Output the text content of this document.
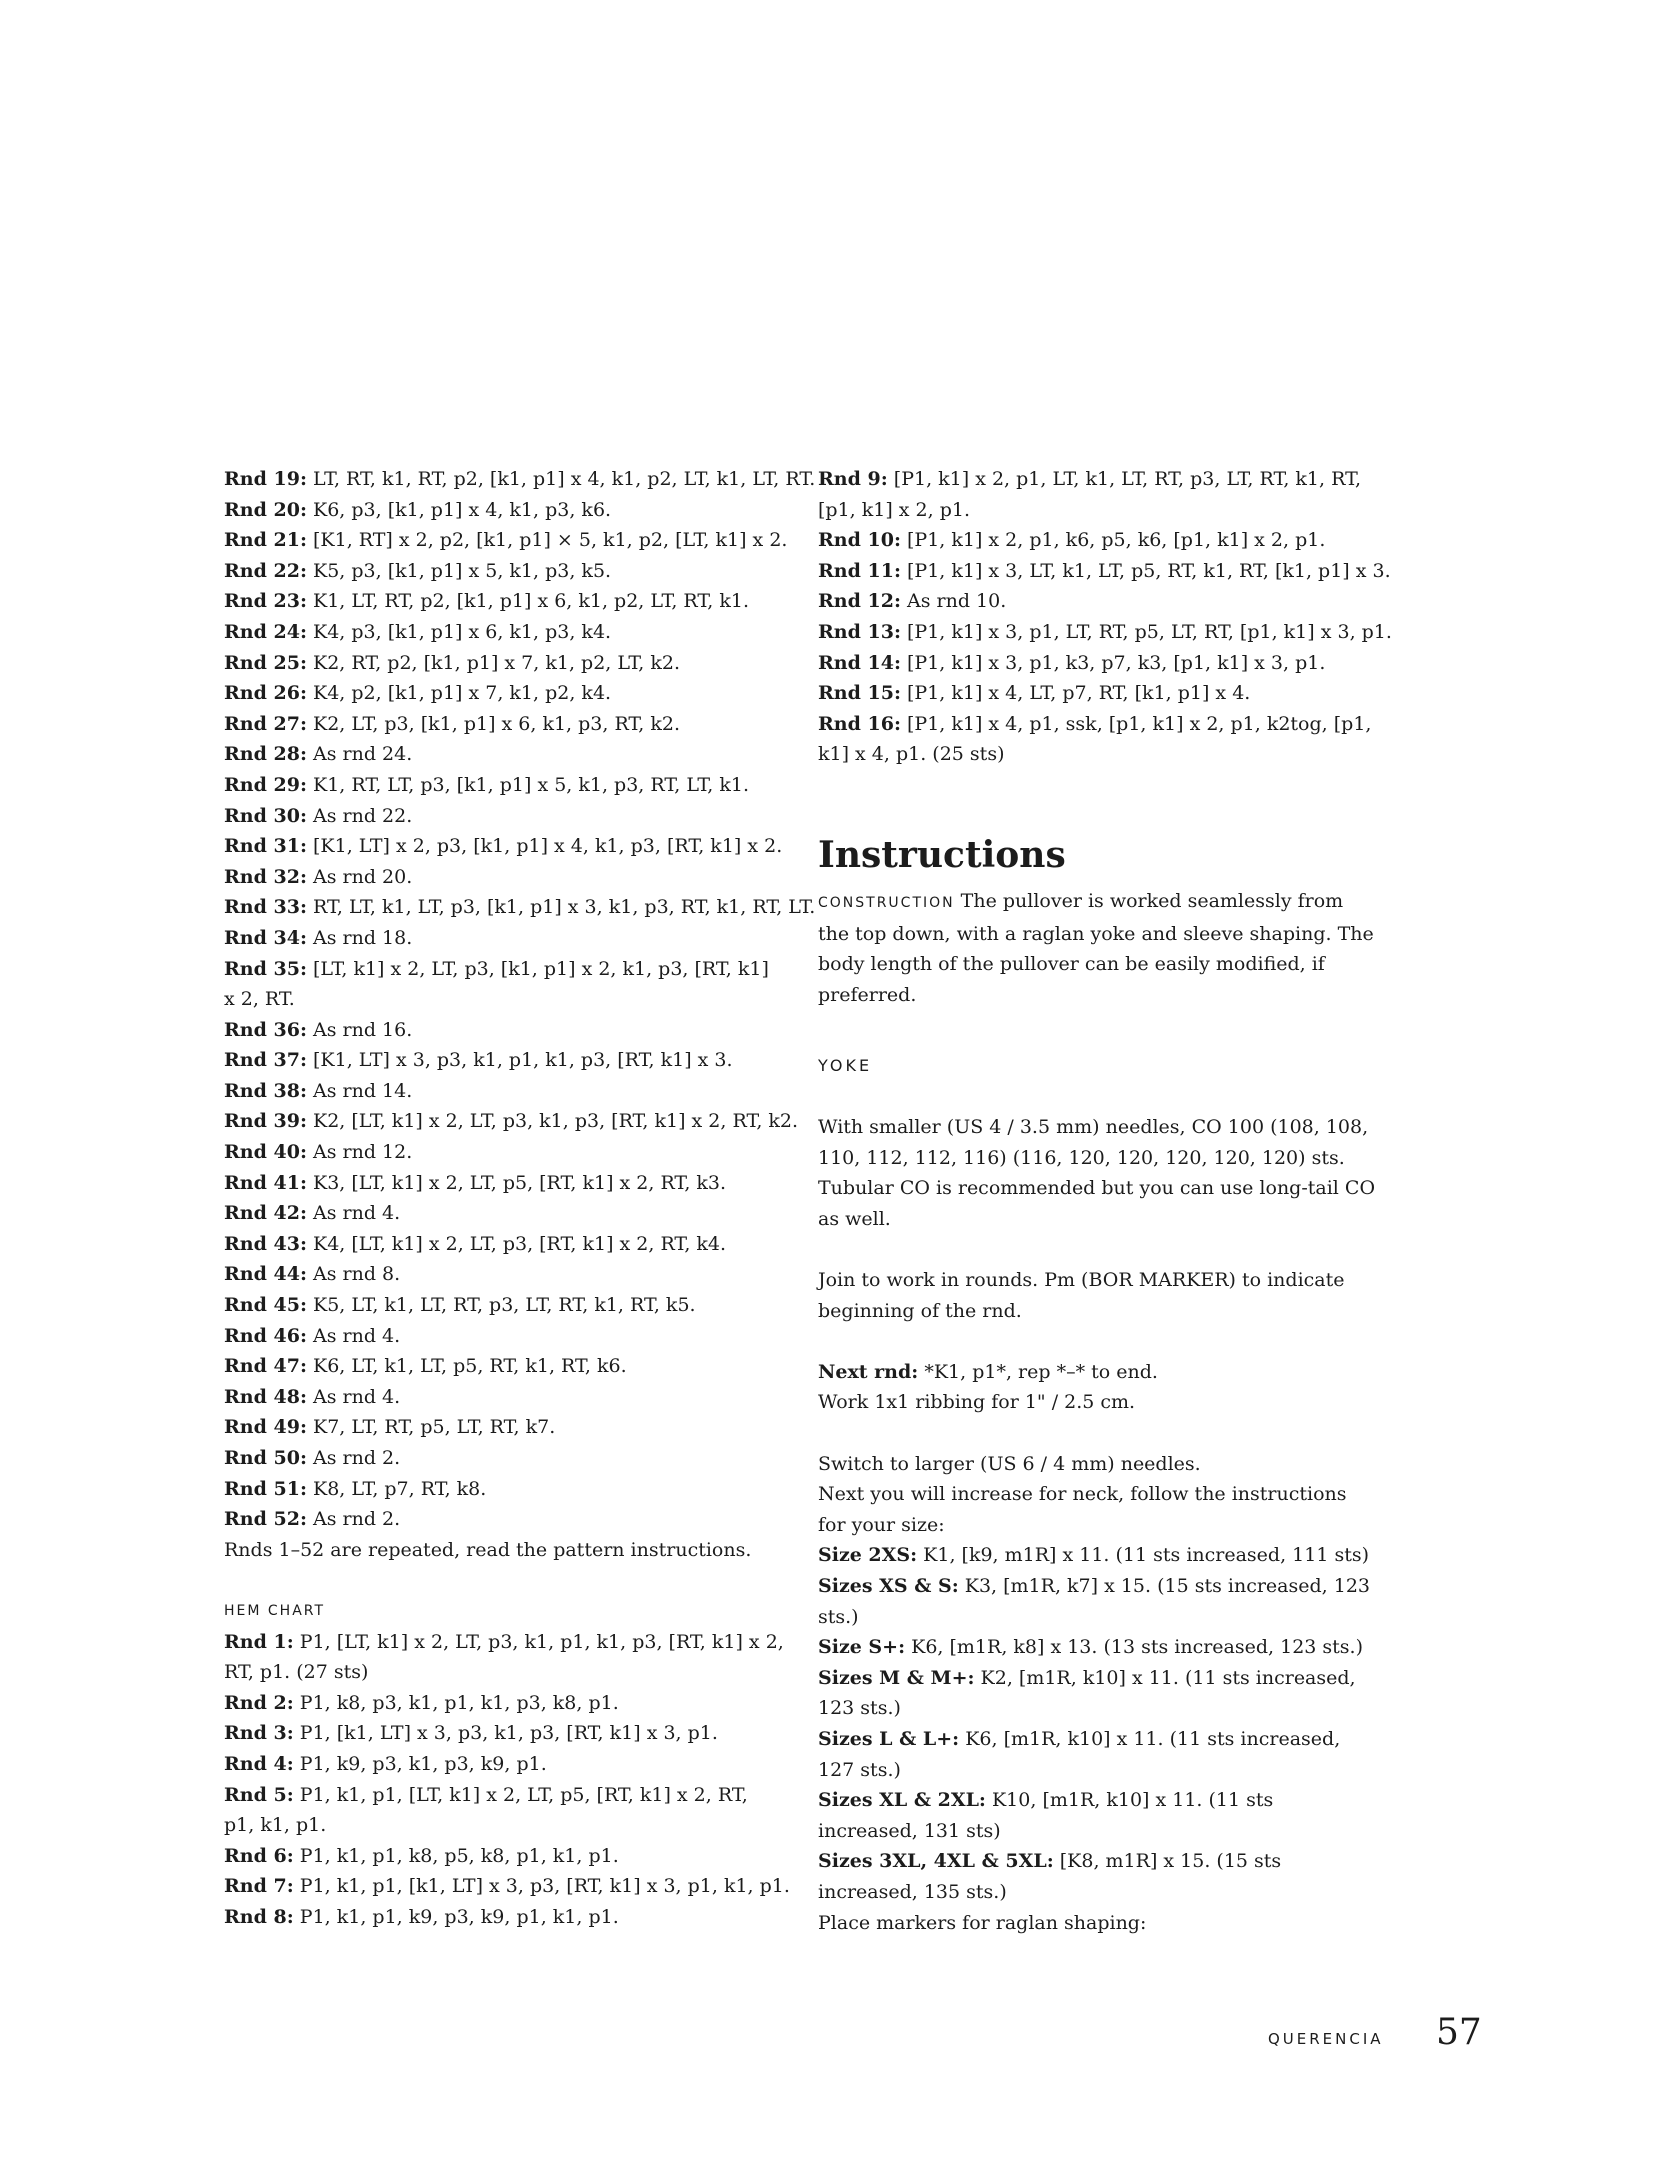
Rnd 19: LT, RT, k1, RT, p2, [k1, p1] x 4, k1, p2, LT, k1, LT, RT.

Rnd 20: K6, p3, [k1, p1] x 4, k1, p3, k6.

Rnd 21: [K1, RT] x 2, p2, [k1, p1] × 5, k1, p2, [LT, k1] x 2.

Rnd 22: K5, p3, [k1, p1] x 5, k1, p3, k5.

Rnd 23: K1, LT, RT, p2, [k1, p1] x 6, k1, p2, LT, RT, k1.

Rnd 24: K4, p3, [k1, p1] x 6, k1, p3, k4.

Rnd 25: K2, RT, p2, [k1, p1] x 7, k1, p2, LT, k2.

Rnd 26: K4, p2, [k1, p1] x 7, k1, p2, k4.

Rnd 27: K2, LT, p3, [k1, p1] x 6, k1, p3, RT, k2.

Rnd 28: As rnd 24.

Rnd 29: K1, RT, LT, p3, [k1, p1] x 5, k1, p3, RT, LT, k1.

Rnd 30: As rnd 22.

Rnd 31: [K1, LT] x 2, p3, [k1, p1] x 4, k1, p3, [RT, k1] x 2.

Rnd 32: As rnd 20.

Rnd 33: RT, LT, k1, LT, p3, [k1, p1] x 3, k1, p3, RT, k1, RT, LT.

Rnd 34: As rnd 18.

Rnd 35: [LT, k1] x 2, LT, p3, [k1, p1] x 2, k1, p3, [RT, k1] x 2, RT.

Rnd 36: As rnd 16.

Rnd 37: [K1, LT] x 3, p3, k1, p1, k1, p3, [RT, k1] x 3.

Rnd 38: As rnd 14.

Rnd 39: K2, [LT, k1] x 2, LT, p3, k1, p3, [RT, k1] x 2, RT, k2.

Rnd 40: As rnd 12.

Rnd 41: K3, [LT, k1] x 2, LT, p5, [RT, k1] x 2, RT, k3.

Rnd 42: As rnd 4.

Rnd 43: K4, [LT, k1] x 2, LT, p3, [RT, k1] x 2, RT, k4.

Rnd 44: As rnd 8.

Rnd 45: K5, LT, k1, LT, RT, p3, LT, RT, k1, RT, k5.

Rnd 46: As rnd 4.

Rnd 47: K6, LT, k1, LT, p5, RT, k1, RT, k6.

Rnd 48: As rnd 4.

Rnd 49: K7, LT, RT, p5, LT, RT, k7.

Rnd 50: As rnd 2.

Rnd 51: K8, LT, p7, RT, k8.

Rnd 52: As rnd 2.

Rnds 1–52 are repeated, read the pattern instructions.

HEM CHART

Rnd 1: P1, [LT, k1] x 2, LT, p3, k1, p1, k1, p3, [RT, k1] x 2, RT, p1. (27 sts)

Rnd 2: P1, k8, p3, k1, p1, k1, p3, k8, p1.

Rnd 3: P1, [k1, LT] x 3, p3, k1, p3, [RT, k1] x 3, p1.

Rnd 4: P1, k9, p3, k1, p3, k9, p1.

Rnd 5: P1, k1, p1, [LT, k1] x 2, LT, p5, [RT, k1] x 2, RT, p1, k1, p1.

Rnd 6: P1, k1, p1, k8, p5, k8, p1, k1, p1.

Rnd 7: P1, k1, p1, [k1, LT] x 3, p3, [RT, k1] x 3, p1, k1, p1.

Rnd 8: P1, k1, p1, k9, p3, k9, p1, k1, p1.

Rnd 9: [P1, k1] x 2, p1, LT, k1, LT, RT, p3, LT, RT, k1, RT, [p1, k1] x 2, p1.

Rnd 10: [P1, k1] x 2, p1, k6, p5, k6, [p1, k1] x 2, p1.

Rnd 11: [P1, k1] x 3, LT, k1, LT, p5, RT, k1, RT, [k1, p1] x 3.

Rnd 12: As rnd 10.

Rnd 13: [P1, k1] x 3, p1, LT, RT, p5, LT, RT, [p1, k1] x 3, p1.

Rnd 14: [P1, k1] x 3, p1, k3, p7, k3, [p1, k1] x 3, p1.

Rnd 15: [P1, k1] x 4, LT, p7, RT, [k1, p1] x 4.

Rnd 16: [P1, k1] x 4, p1, ssk, [p1, k1] x 2, p1, k2tog, [p1, k1] x 4, p1. (25 sts)

Instructions

CONSTRUCTION The pullover is worked seamlessly from the top down, with a raglan yoke and sleeve shaping. The body length of the pullover can be easily modified, if preferred.

YOKE

With smaller (US 4 / 3.5 mm) needles, CO 100 (108, 108, 110, 112, 112, 116) (116, 120, 120, 120, 120, 120) sts. Tubular CO is recommended but you can use long-tail CO as well.

Join to work in rounds. Pm (BOR MARKER) to indicate beginning of the rnd.

Next rnd: *K1, p1*, rep *–* to end.

Work 1x1 ribbing for 1" / 2.5 cm.

Switch to larger (US 6 / 4 mm) needles.

Next you will increase for neck, follow the instructions for your size:

Size 2XS: K1, [k9, m1R] x 11. (11 sts increased, 111 sts)

Sizes XS & S: K3, [m1R, k7] x 15. (15 sts increased, 123 sts.)

Size S+: K6, [m1R, k8] x 13. (13 sts increased, 123 sts.)

Sizes M & M+: K2, [m1R, k10] x 11. (11 sts increased, 123 sts.)

Sizes L & L+: K6, [m1R, k10] x 11. (11 sts increased, 127 sts.)

Sizes XL & 2XL: K10, [m1R, k10] x 11. (11 sts increased, 131 sts)

Sizes 3XL, 4XL & 5XL: [K8, m1R] x 15. (15 sts increased, 135 sts.)

Place markers for raglan shaping:

QUERENCIA 57
